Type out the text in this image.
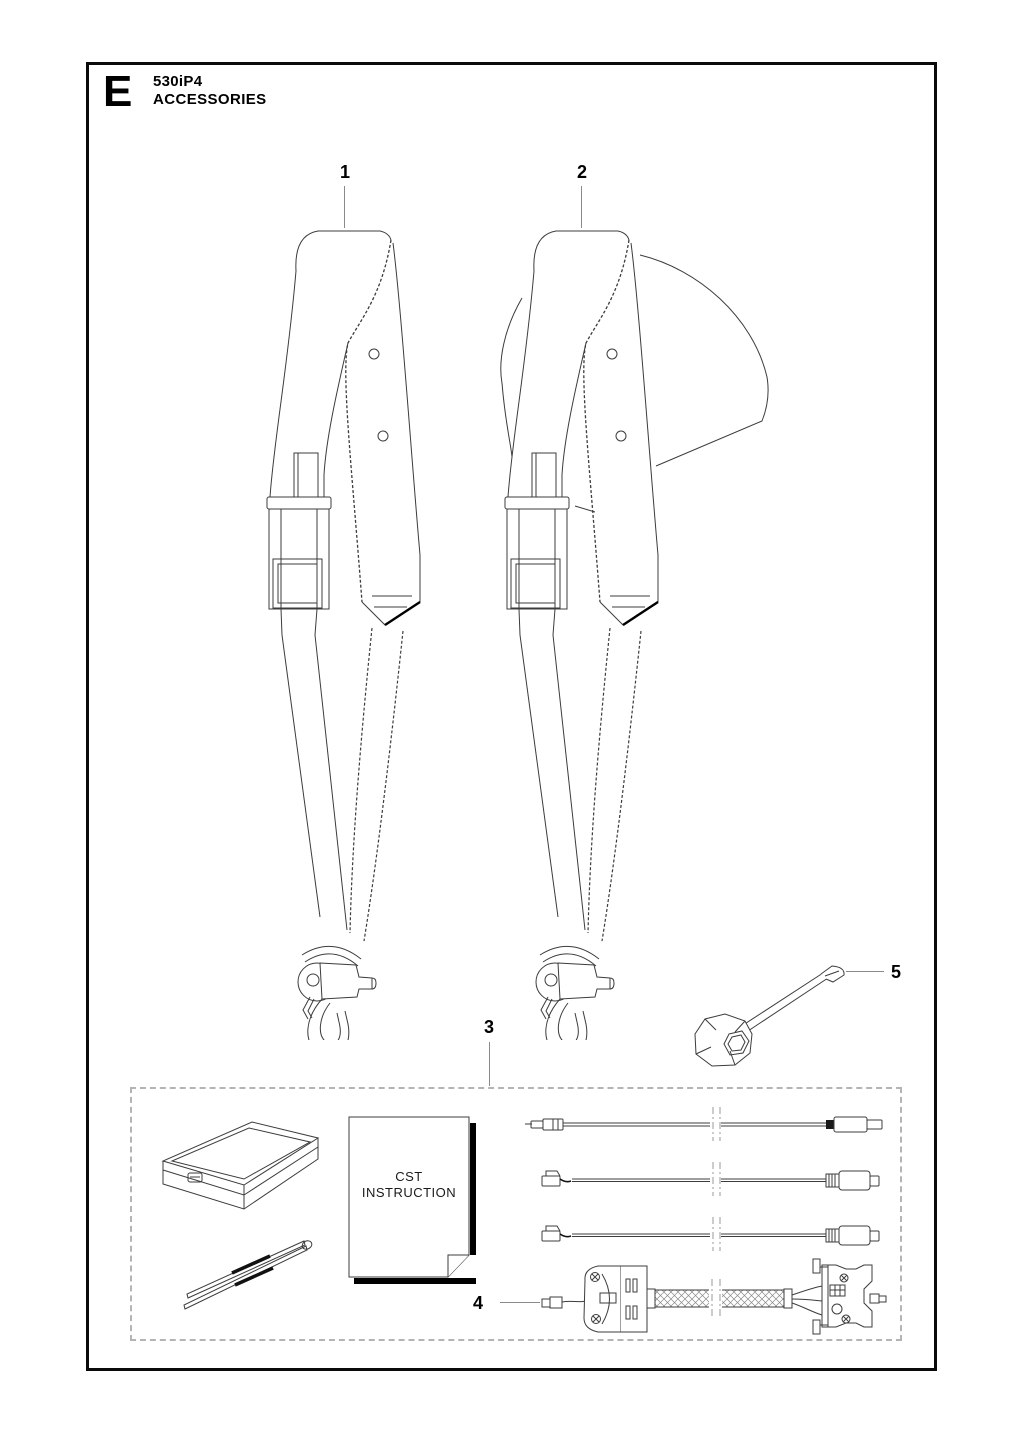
E 530iP4
ACCESSORIES
1	2
3
4
5
CST
INSTRUCTION
